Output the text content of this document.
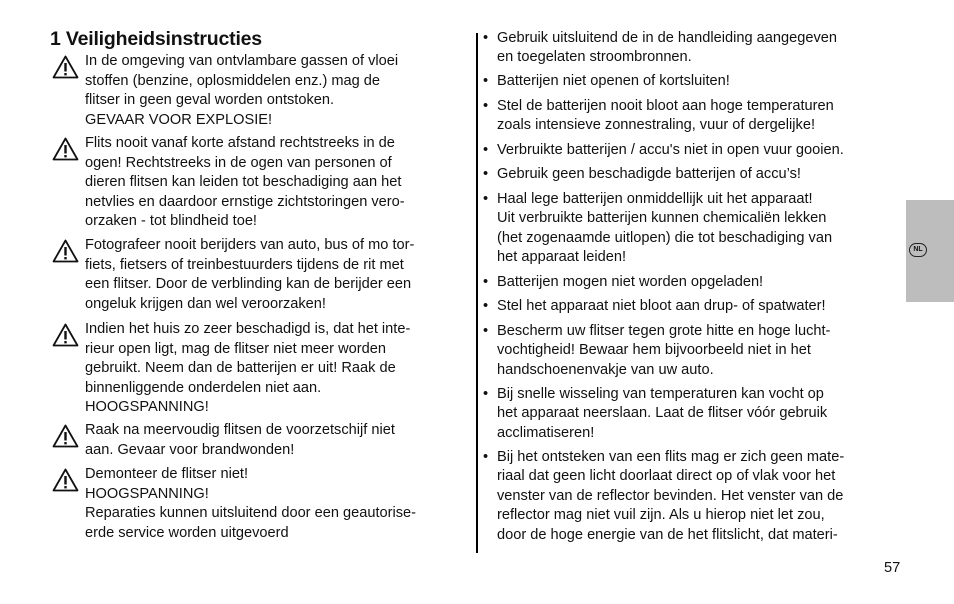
1 Veiligheidsinstructies

In de omgeving van ontvlambare gassen of vloei
stoffen (benzine, oplosmiddelen enz.) mag de
flitser in geen geval worden ontstoken.
GEVAAR VOOR EXPLOSIE!

Flits nooit vanaf korte afstand rechtstreeks in de
ogen! Rechtstreeks in de ogen van personen of
dieren flitsen kan leiden tot beschadiging aan het
netvlies en daardoor ernstige zichtstoringen vero-
orzaken - tot blindheid toe!

Fotografeer nooit berijders van auto, bus of mo tor-
fiets, fietsers of treinbestuurders tijdens de rit met
een flitser. Door de verblinding kan de berijder een
ongeluk krijgen dan wel veroorzaken!

Indien het huis zo zeer beschadigd is, dat het inte-
rieur open ligt, mag de flitser niet meer worden
gebruikt. Neem dan de batterijen er uit! Raak de
binnenliggende onderdelen niet aan.
HOOGSPANNING!

Raak na meervoudig flitsen de voorzetschijf niet
aan. Gevaar voor brandwonden!

Demonteer de flitser niet!
HOOGSPANNING!
Reparaties kunnen uitsluitend door een geautorise-
erde service worden uitgevoerd

• Gebruik uitsluitend de in de handleiding aangegeven
en toegelaten stroombronnen.
• Batterijen niet openen of kortsluiten!
• Stel de batterijen nooit bloot aan hoge temperaturen
zoals intensieve zonnestraling, vuur of dergelijke!
• Verbruikte batterijen / accu's niet in open vuur gooien.
• Gebruik geen beschadigde batterijen of accu’s!
• Haal lege batterijen onmiddellijk uit het apparaat!
Uit verbruikte batterijen kunnen chemicaliën lekken
(het zogenaamde uitlopen) die tot beschadiging van
het apparaat leiden!
• Batterijen mogen niet worden opgeladen!
• Stel het apparaat niet bloot aan drup- of spatwater!
• Bescherm uw flitser tegen grote hitte en hoge lucht-
vochtigheid! Bewaar hem bijvoorbeeld niet in het
handschoenenvakje van uw auto.
• Bij snelle wisseling van temperaturen kan vocht op
het apparaat neerslaan. Laat de flitser vóór gebruik
acclimatiseren!
• Bij het ontsteken van een flits mag er zich geen mate-
riaal dat geen licht doorlaat direct op of vlak voor het
venster van de reflector bevinden. Het venster van de
reflector mag niet vuil zijn. Als u hierop niet let zou,
door de hoge energie van de het flitslicht, dat materi-
NL
57
